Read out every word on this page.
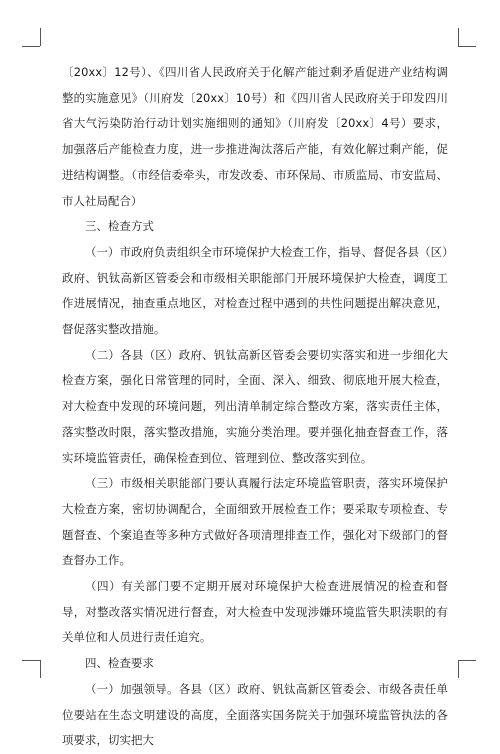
〔20xx〕12号）、《四川省人民政府关于化解产能过剩矛盾促进产业结构调整的实施意见》（川府发〔20xx〕10号）和《四川省人民政府关于印发四川省大气污染防治行动计划实施细则的通知》（川府发〔20xx〕4号）要求，加强落后产能检查力度，进一步推进淘汰落后产能，有效化解过剩产能，促进结构调整。（市经信委牵头，市发改委、市环保局、市质监局、市安监局、市人社局配合）

三、检查方式

（一）市政府负责组织全市环境保护大检查工作，指导、督促各县（区）政府、钒钛高新区管委会和市级相关职能部门开展环境保护大检查，调度工作进展情况，抽查重点地区，对检查过程中遇到的共性问题提出解决意见，督促落实整改措施。

（二）各县（区）政府、钒钛高新区管委会要切实落实和进一步细化大检查方案，强化日常管理的同时，全面、深入、细致、彻底地开展大检查，对大检查中发现的环境问题，列出清单制定综合整改方案，落实责任主体，落实整改时限，落实整改措施，实施分类治理。要并强化抽查督查工作，落实环境监管责任，确保检查到位、管理到位、整改落实到位。

（三）市级相关职能部门要认真履行法定环境监管职责，落实环境保护大检查方案，密切协调配合，全面细致开展检查工作；要采取专项检查、专题督查、个案追查等多种方式做好各项清理排查工作，强化对下级部门的督查督办工作。

（四）有关部门要不定期开展对环境保护大检查进展情况的检查和督导，对整改落实情况进行督查，对大检查中发现涉嫌环境监管失职渎职的有关单位和人员进行责任追究。

四、检查要求

（一）加强领导。各县（区）政府、钒钛高新区管委会、市级各责任单位要站在生态文明建设的高度，全面落实国务院关于加强环境监管执法的各项要求，切实把大
